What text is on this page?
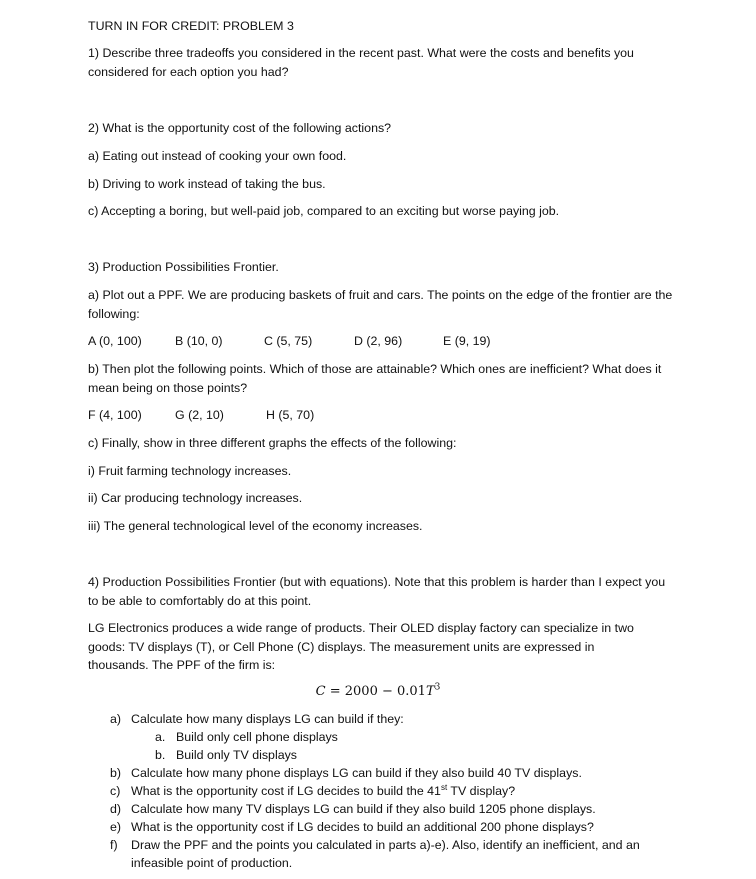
TURN IN FOR CREDIT: PROBLEM 3
1) Describe three tradeoffs you considered in the recent past. What were the costs and benefits you considered for each option you had?
2) What is the opportunity cost of the following actions?
a) Eating out instead of cooking your own food.
b) Driving to work instead of taking the bus.
c) Accepting a boring, but well-paid job, compared to an exciting but worse paying job.
3) Production Possibilities Frontier.
a) Plot out a PPF. We are producing baskets of fruit and cars. The points on the edge of the frontier are the following:
A (0, 100)	B (10, 0)	C (5, 75)	D (2, 96)	E (9, 19)
b) Then plot the following points. Which of those are attainable? Which ones are inefficient? What does it mean being on those points?
F (4, 100)	G (2, 10)	H (5, 70)
c) Finally, show in three different graphs the effects of the following:
i) Fruit farming technology increases.
ii) Car producing technology increases.
iii) The general technological level of the economy increases.
4) Production Possibilities Frontier (but with equations). Note that this problem is harder than I expect you to be able to comfortably do at this point.
LG Electronics produces a wide range of products. Their OLED display factory can specialize in two goods: TV displays (T), or Cell Phone (C) displays. The measurement units are expressed in thousands. The PPF of the firm is:
$C = 2000 - 0.01T^3$
a) Calculate how many displays LG can build if they:
a. Build only cell phone displays
b. Build only TV displays
b) Calculate how many phone displays LG can build if they also build 40 TV displays.
c) What is the opportunity cost if LG decides to build the 41st TV display?
d) Calculate how many TV displays LG can build if they also build 1205 phone displays.
e) What is the opportunity cost if LG decides to build an additional 200 phone displays?
f) Draw the PPF and the points you calculated in parts a)-e). Also, identify an inefficient, and an infeasible point of production.
